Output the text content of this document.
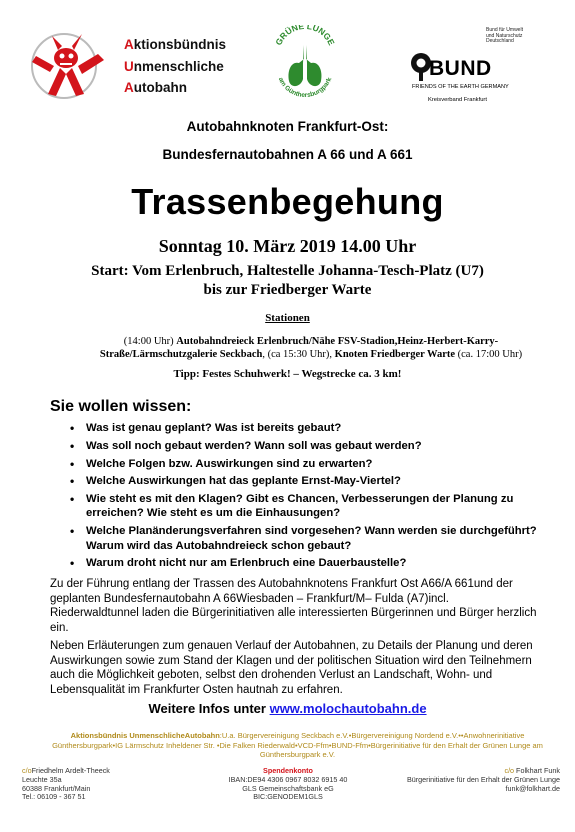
Aktionsbündnis
Unmenschliche
Autobahn
GRÜNE LUNGE
am Günthersburgpark
Bund für Umwelt und Naturschutz Deutschland
BUND
FRIENDS OF THE EARTH GERMANY
Kreisverband Frankfurt
Autobahnknoten Frankfurt-Ost:
Bundesfernautobahnen A 66 und A 661
Trassenbegehung
Sonntag 10. März 2019 14.00 Uhr
Start: Vom Erlenbruch, Haltestelle Johanna-Tesch-Platz (U7)
bis zur Friedberger Warte
Stationen
(14:00 Uhr) Autobahndreieck Erlenbruch/Nähe FSV-Stadion,Heinz-Herbert-Karry-Straße/Lärmschutzgalerie Seckbach, (ca 15:30 Uhr), Knoten Friedberger Warte (ca. 17:00 Uhr)
Tipp: Festes Schuhwerk! – Wegstrecke ca. 3 km!
Sie wollen wissen:
• Was ist genau geplant? Was ist bereits gebaut?
• Was soll noch gebaut werden? Wann soll was gebaut werden?
• Welche Folgen bzw. Auswirkungen sind zu erwarten?
• Welche Auswirkungen hat das geplante Ernst-May-Viertel?
• Wie steht es mit den Klagen? Gibt es Chancen, Verbesserungen der Planung zu erreichen? Wie steht es um die Einhausungen?
• Welche Planänderungsverfahren sind vorgesehen? Wann werden sie durchgeführt? Warum wird das Autobahndreieck schon gebaut?
• Warum droht nicht nur am Erlenbruch eine Dauerbaustelle?
Zu der Führung entlang der Trassen des Autobahnknotens Frankfurt Ost A66/A 661und der geplanten Bundesfernautobahn A 66Wiesbaden – Frankfurt/M– Fulda (A7)incl. Riederwaldtunnel laden die Bürgerinitiativen alle interessierten Bürgerinnen und Bürger herzlich ein.
Neben Erläuterungen zum genauen Verlauf der Autobahnen, zu Details der Planung und deren Auswirkungen sowie zum Stand der Klagen und der politischen Situation wird den Teilnehmern auch die Möglichkeit geboten, selbst den drohenden Verlust an Landschaft, Wohn- und Lebensqualität im Frankfurter Osten hautnah zu erfahren.
Weitere Infos unter www.molochautobahn.de
Aktionsbündnis UnmenschlicheAutobahn:U.a. Bürgervereinigung Seckbach e.V.•Bürgervereinigung Nordend e.V.••Anwohnerinitiative Günthersburgpark•IG Lärmschutz Inheldener Str. •Die Falken Riederwald•VCD-Ffm•BUND-Ffm•Bürgerinitiative für den Erhalt der Grünen Lunge am Günthersburgpark e.V.
c/oFriedhelm Ardelt-Theeck
Leuchte 35a
60388 Frankfurt/Main
Tel.: 06109 - 367 51
Spendenkonto
IBAN:DE94 4306 0967 8032 6915 40
GLS Gemeinschaftsbank eG
BIC:GENODEM1GLS
c/o Folkhart Funk
Bürgerinitiative für den Erhalt der Grünen Lunge
funk@folkhart.de
